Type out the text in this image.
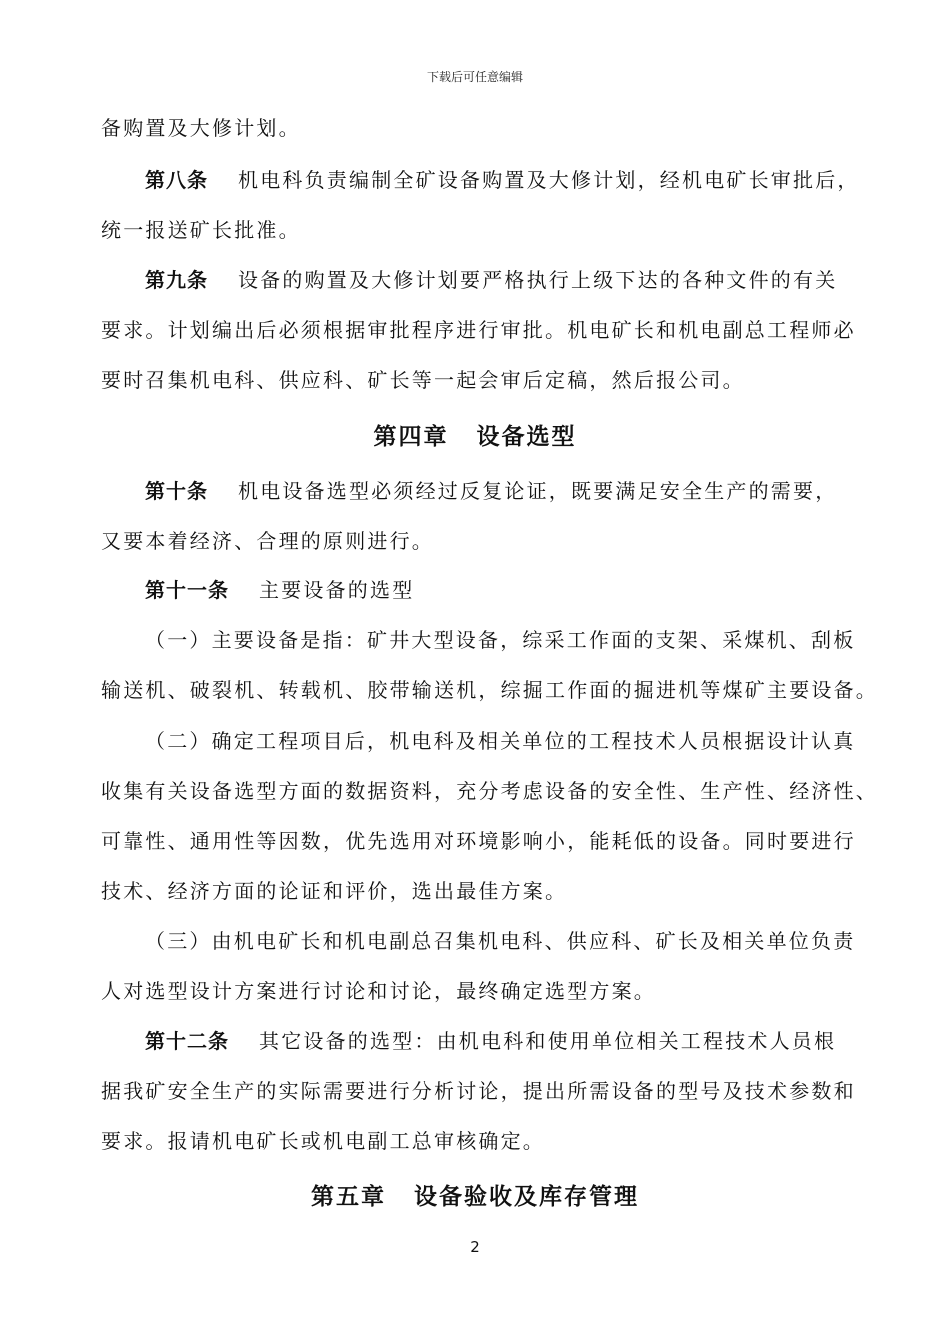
下载后可任意编辑
备购置及大修计划。
第八条 机电科负责编制全矿设备购置及大修计划，经机电矿长审批后，
统一报送矿长批准。
第九条 设备的购置及大修计划要严格执行上级下达的各种文件的有关
要求。计划编出后必须根据审批程序进行审批。机电矿长和机电副总工程师必
要时召集机电科、供应科、矿长等一起会审后定稿，然后报公司。
第四章 设备选型
第十条 机电设备选型必须经过反复论证，既要满足安全生产的需要，
又要本着经济、合理的原则进行。
第十一条 主要设备的选型
（一）主要设备是指：矿井大型设备，综采工作面的支架、采煤机、刮板
输送机、破裂机、转载机、胶带输送机，综掘工作面的掘进机等煤矿主要设备。
（二）确定工程项目后，机电科及相关单位的工程技术人员根据设计认真
收集有关设备选型方面的数据资料，充分考虑设备的安全性、生产性、经济性、
可靠性、通用性等因数，优先选用对环境影响小，能耗低的设备。同时要进行
技术、经济方面的论证和评价，选出最佳方案。
（三）由机电矿长和机电副总召集机电科、供应科、矿长及相关单位负责
人对选型设计方案进行讨论和讨论，最终确定选型方案。
第十二条 其它设备的选型：由机电科和使用单位相关工程技术人员根
据我矿安全生产的实际需要进行分析讨论，提出所需设备的型号及技术参数和
要求。报请机电矿长或机电副工总审核确定。
第五章 设备验收及库存管理
2
